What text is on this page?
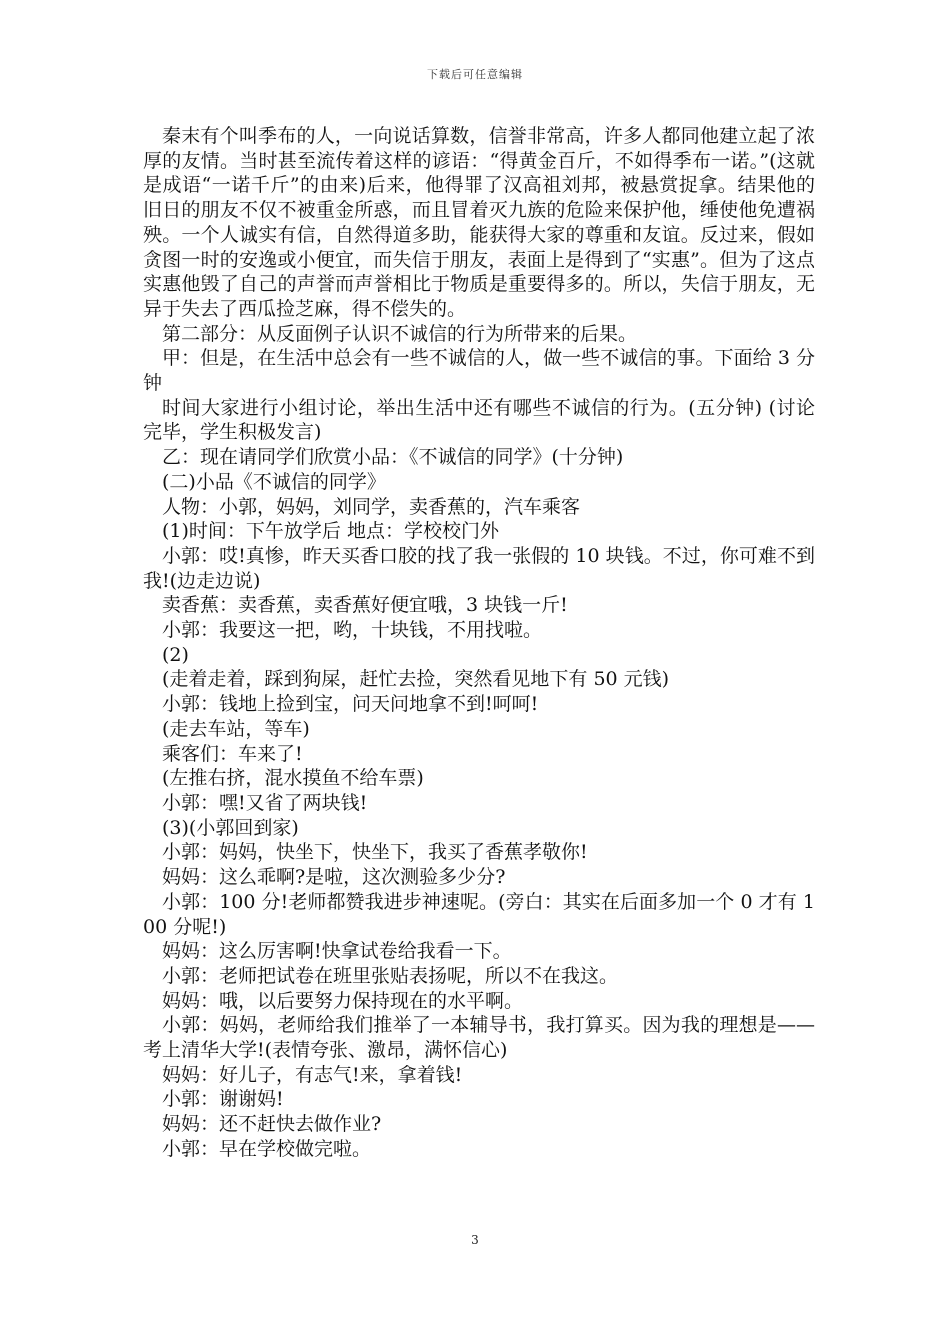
下载后可任意编辑

秦末有个叫季布的人，一向说话算数，信誉非常高，许多人都同他建立起了浓厚的友情。当时甚至流传着这样的谚语：“得黄金百斤，不如得季布一诺。”(这就是成语“一诺千斤”的由来)后来，他得罪了汉高祖刘邦，被悬赏捉拿。结果他的旧日的朋友不仅不被重金所惑，而且冒着灭九族的危险来保护他，缍使他免遭祸殃。一个人诚实有信，自然得道多助，能获得大家的尊重和友谊。反过来，假如贪图一时的安逸或小便宜，而失信于朋友，表面上是得到了“实惠”。但为了这点实惠他毁了自己的声誉而声誉相比于物质是重要得多的。所以，失信于朋友，无异于失去了西瓜捡芝麻，得不偿失的。

第二部分：从反面例子认识不诚信的行为所带来的后果。

甲：但是，在生活中总会有一些不诚信的人，做一些不诚信的事。下面给 3 分钟

时间大家进行小组讨论，举出生活中还有哪些不诚信的行为。(五分钟) (讨论完毕，学生积极发言)

乙：现在请同学们欣赏小品：《不诚信的同学》(十分钟)

(二)小品《不诚信的同学》

人物：小郭，妈妈，刘同学，卖香蕉的，汽车乘客

(1)时间：下午放学后 地点：学校校门外

小郭：哎!真惨，昨天买香口胶的找了我一张假的 10 块钱。不过，你可难不到我!(边走边说)

卖香蕉：卖香蕉，卖香蕉好便宜哦，3 块钱一斤!

小郭：我要这一把，哟，十块钱，不用找啦。

(2)

(走着走着，踩到狗屎，赶忙去捡，突然看见地下有 50 元钱)

小郭：钱地上捡到宝，问天问地拿不到!呵呵!

(走去车站，等车)

乘客们：车来了!

(左推右挤，混水摸鱼不给车票)

小郭：嘿!又省了两块钱!

(3)(小郭回到家)

小郭：妈妈，快坐下，快坐下，我买了香蕉孝敬你!

妈妈：这么乖啊?是啦，这次测验多少分?

小郭：100 分!老师都赞我进步神速呢。(旁白：其实在后面多加一个 0 才有 100 分呢!)

妈妈：这么厉害啊!快拿试卷给我看一下。

小郭：老师把试卷在班里张贴表扬呢，所以不在我这。

妈妈：哦，以后要努力保持现在的水平啊。

小郭：妈妈，老师给我们推举了一本辅导书，我打算买。因为我的理想是——考上清华大学!(表情夸张、激昂，满怀信心)

妈妈：好儿子，有志气!来，拿着钱!

小郭：谢谢妈!

妈妈：还不赶快去做作业?

小郭：早在学校做完啦。

3
